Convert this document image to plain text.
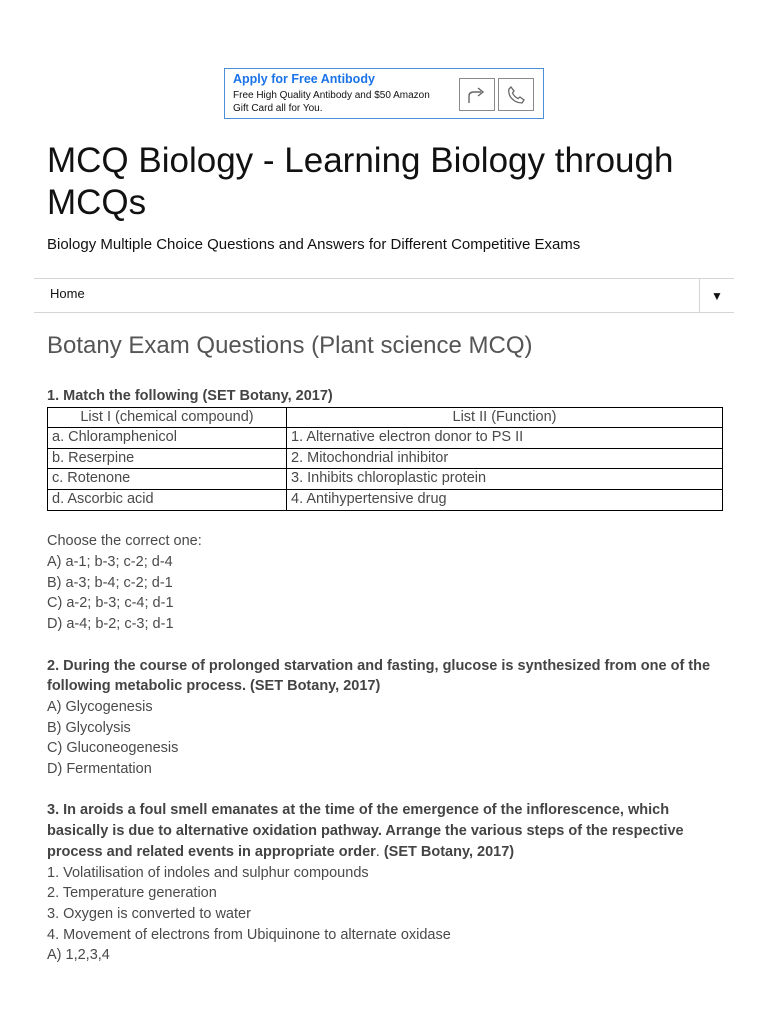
Apply for Free Antibody
Free High Quality Antibody and $50 Amazon Gift Card all for You.
MCQ Biology - Learning Biology through MCQs
Biology Multiple Choice Questions and Answers for Different Competitive Exams
Home	▼
Botany Exam Questions (Plant science MCQ)
1. Match the following (SET Botany, 2017)
List I (chemical compound)	List II (Function)
a. Chloramphenicol	1. Alternative electron donor to PS II
b. Reserpine	2. Mitochondrial inhibitor
c. Rotenone	3. Inhibits chloroplastic protein
d. Ascorbic acid	4. Antihypertensive drug
Choose the correct one:
A) a-1; b-3; c-2; d-4
B) a-3; b-4; c-2; d-1
C) a-2; b-3; c-4; d-1
D) a-4; b-2; c-3; d-1
2. During the course of prolonged starvation and fasting, glucose is synthesized from one of the following metabolic process. (SET Botany, 2017)
A) Glycogenesis
B) Glycolysis
C) Gluconeogenesis
D) Fermentation
3. In aroids a foul smell emanates at the time of the emergence of the inflorescence, which basically is due to alternative oxidation pathway. Arrange the various steps of the respective process and related events in appropriate order. (SET Botany, 2017)
1. Volatilisation of indoles and sulphur compounds
2. Temperature generation
3. Oxygen is converted to water
4. Movement of electrons from Ubiquinone to alternate oxidase
A) 1,2,3,4
